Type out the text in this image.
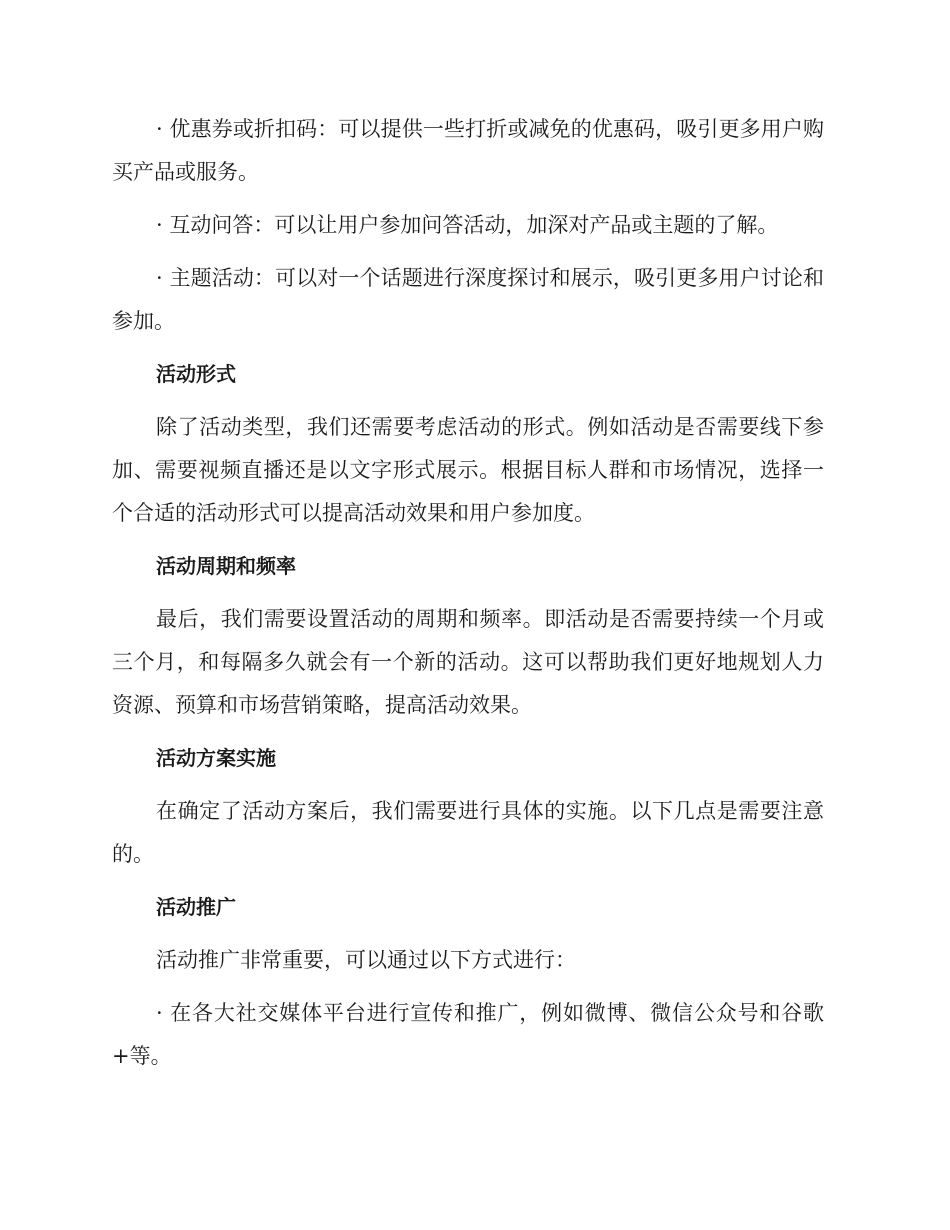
· 优惠券或折扣码：可以提供一些打折或减免的优惠码，吸引更多用户购买产品或服务。

· 互动问答：可以让用户参加问答活动，加深对产品或主题的了解。

· 主题活动：可以对一个话题进行深度探讨和展示，吸引更多用户讨论和参加。

活动形式

除了活动类型，我们还需要考虑活动的形式。例如活动是否需要线下参加、需要视频直播还是以文字形式展示。根据目标人群和市场情况，选择一个合适的活动形式可以提高活动效果和用户参加度。

活动周期和频率

最后，我们需要设置活动的周期和频率。即活动是否需要持续一个月或三个月，和每隔多久就会有一个新的活动。这可以帮助我们更好地规划人力资源、预算和市场营销策略，提高活动效果。

活动方案实施

在确定了活动方案后，我们需要进行具体的实施。以下几点是需要注意的。

活动推广

活动推广非常重要，可以通过以下方式进行：

· 在各大社交媒体平台进行宣传和推广，例如微博、微信公众号和谷歌+等。
